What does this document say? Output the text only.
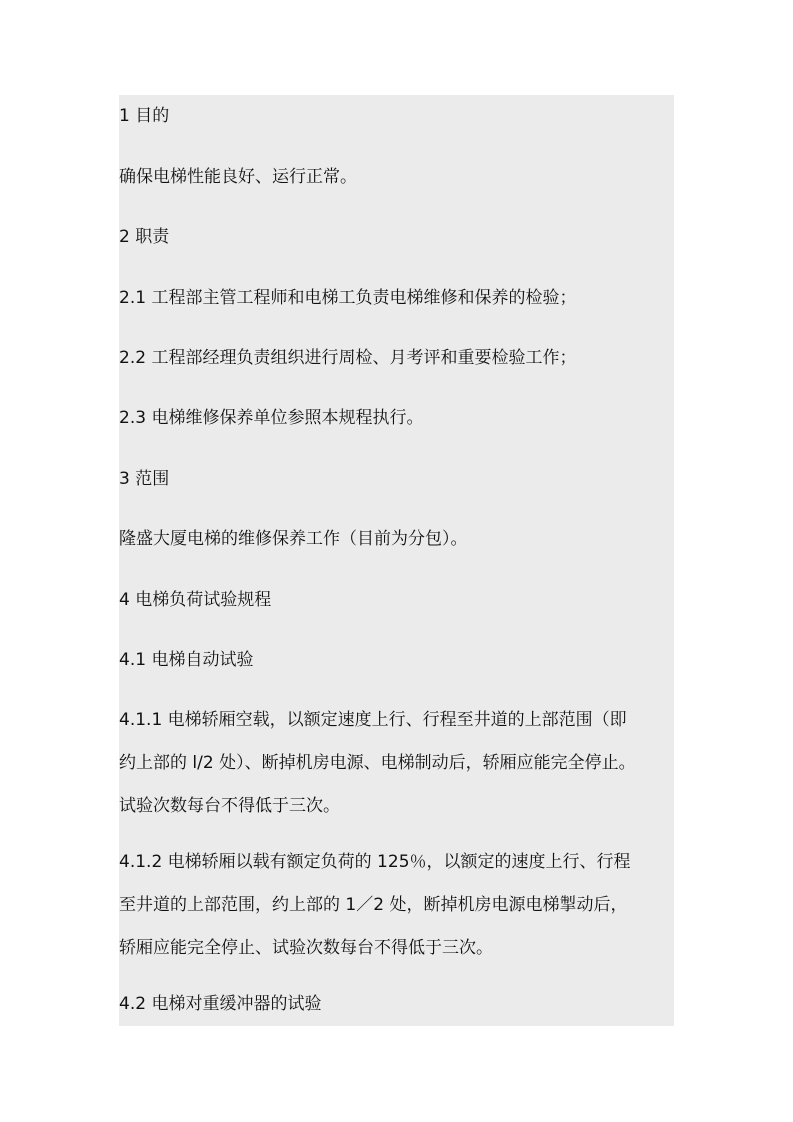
1 目的

确保电梯性能良好、运行正常。

2 职责

2.1 工程部主管工程师和电梯工负责电梯维修和保养的检验；

2.2 工程部经理负责组织进行周检、月考评和重要检验工作；

2.3 电梯维修保养单位参照本规程执行。

3 范围

隆盛大厦电梯的维修保养工作（目前为分包）。

4 电梯负荷试验规程

4.1 电梯自动试验

4.1.1 电梯轿厢空载，以额定速度上行、行程至井道的上部范围（即
约上部的 l/2 处）、断掉机房电源、电梯制动后，轿厢应能完全停止。
试验次数每台不得低于三次。
4.1.2 电梯轿厢以载有额定负荷的 125％，以额定的速度上行、行程
至井道的上部范围，约上部的 1／2 处，断掉机房电源电梯掣动后，
轿厢应能完全停止、试验次数每台不得低于三次。

4.2 电梯对重缓冲器的试验
